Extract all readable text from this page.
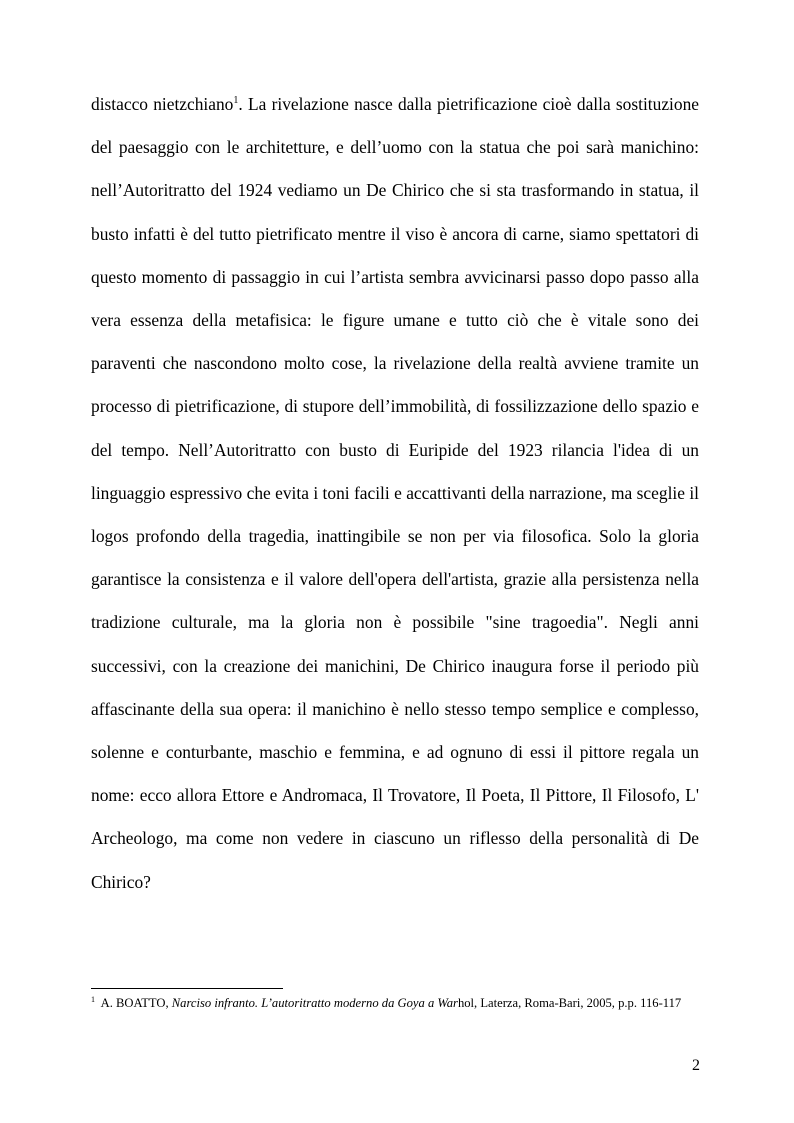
distacco nietzchiano$^1$. La rivelazione nasce dalla pietrificazione cioè dalla sostituzione del paesaggio con le architetture, e dell’uomo con la statua che poi sarà manichino: nell’Autoritratto del 1924 vediamo un De Chirico che si sta trasformando in statua, il busto infatti è del tutto pietrificato mentre il viso è ancora di carne, siamo spettatori di questo momento di passaggio in cui l’artista sembra avvicinarsi passo dopo passo alla vera essenza della metafisica: le figure umane e tutto ciò che è vitale sono dei paraventi che nascondono molto cose, la rivelazione della realtà avviene tramite un processo di pietrificazione, di stupore dell’immobilità, di fossilizzazione dello spazio e del tempo. Nell’Autoritratto con busto di Euripide del 1923 rilancia l'idea di un linguaggio espressivo che evita i toni facili e accattivanti della narrazione, ma sceglie il logos profondo della tragedia, inattingibile se non per via filosofica. Solo la gloria garantisce la consistenza e il valore dell'opera dell'artista, grazie alla persistenza nella tradizione culturale, ma la gloria non è possibile "sine tragoedia". Negli anni successivi, con la creazione dei manichini, De Chirico inaugura forse il periodo più affascinante della sua opera: il manichino è nello stesso tempo semplice e complesso, solenne e conturbante, maschio e femmina, e ad ognuno di essi il pittore regala un nome: ecco allora Ettore e Andromaca, Il Trovatore, Il Poeta, Il Pittore, Il Filosofo, L' Archeologo, ma come non vedere in ciascuno un riflesso della personalità di De Chirico?

$^1$ A. BOATTO, Narciso infranto. L’autoritratto moderno da Goya a Warhol, Laterza, Roma-Bari, 2005, p.p. 116-117

2
